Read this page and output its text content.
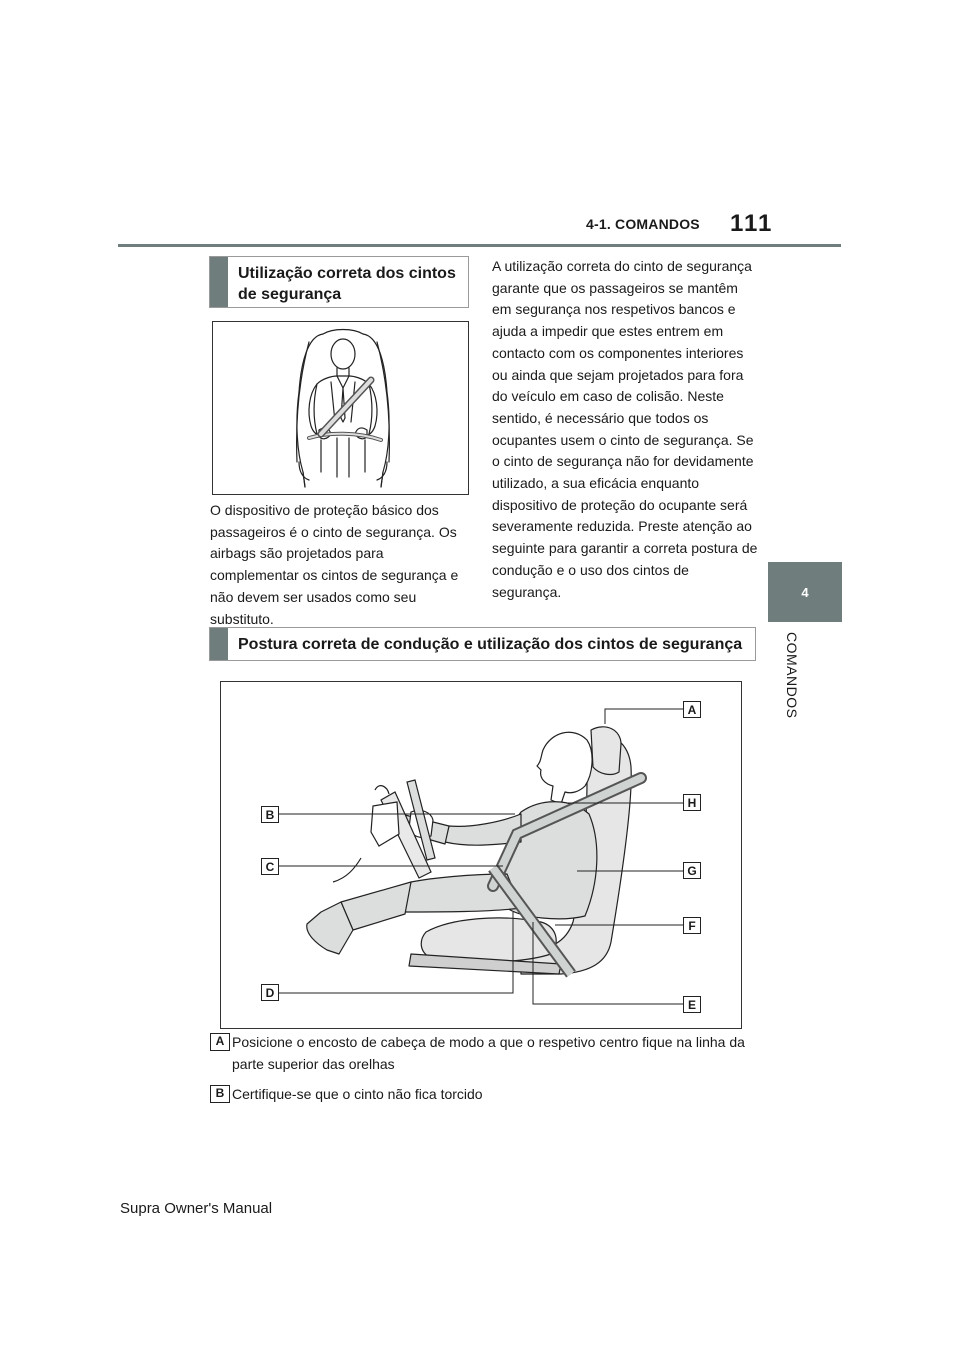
4-1. COMANDOS 111
4
COMANDOS
Utilização correta dos cintos de segurança
O dispositivo de proteção básico dos passageiros é o cinto de segurança. Os airbags são projetados para complementar os cintos de segurança e não devem ser usados como seu substituto.
A utilização correta do cinto de segurança garante que os passageiros se mantêm em segurança nos respetivos bancos e ajuda a impedir que estes entrem em contacto com os componentes interiores ou ainda que sejam projetados para fora do veículo em caso de colisão. Neste sentido, é necessário que todos os ocupantes usem o cinto de segurança. Se o cinto de segurança não for devidamente utilizado, a sua eficácia enquanto dispositivo de proteção do ocupante será severamente reduzida. Preste atenção ao seguinte para garantir a correta postura de condução e o uso dos cintos de segurança.
Postura correta de condução e utilização dos cintos de segurança
A
H
B
C	G
F
D
E
A Posicione o encosto de cabeça de modo a que o respetivo centro fique na linha da parte superior das orelhas
B Certifique-se que o cinto não fica torcido
Supra Owner's Manual
